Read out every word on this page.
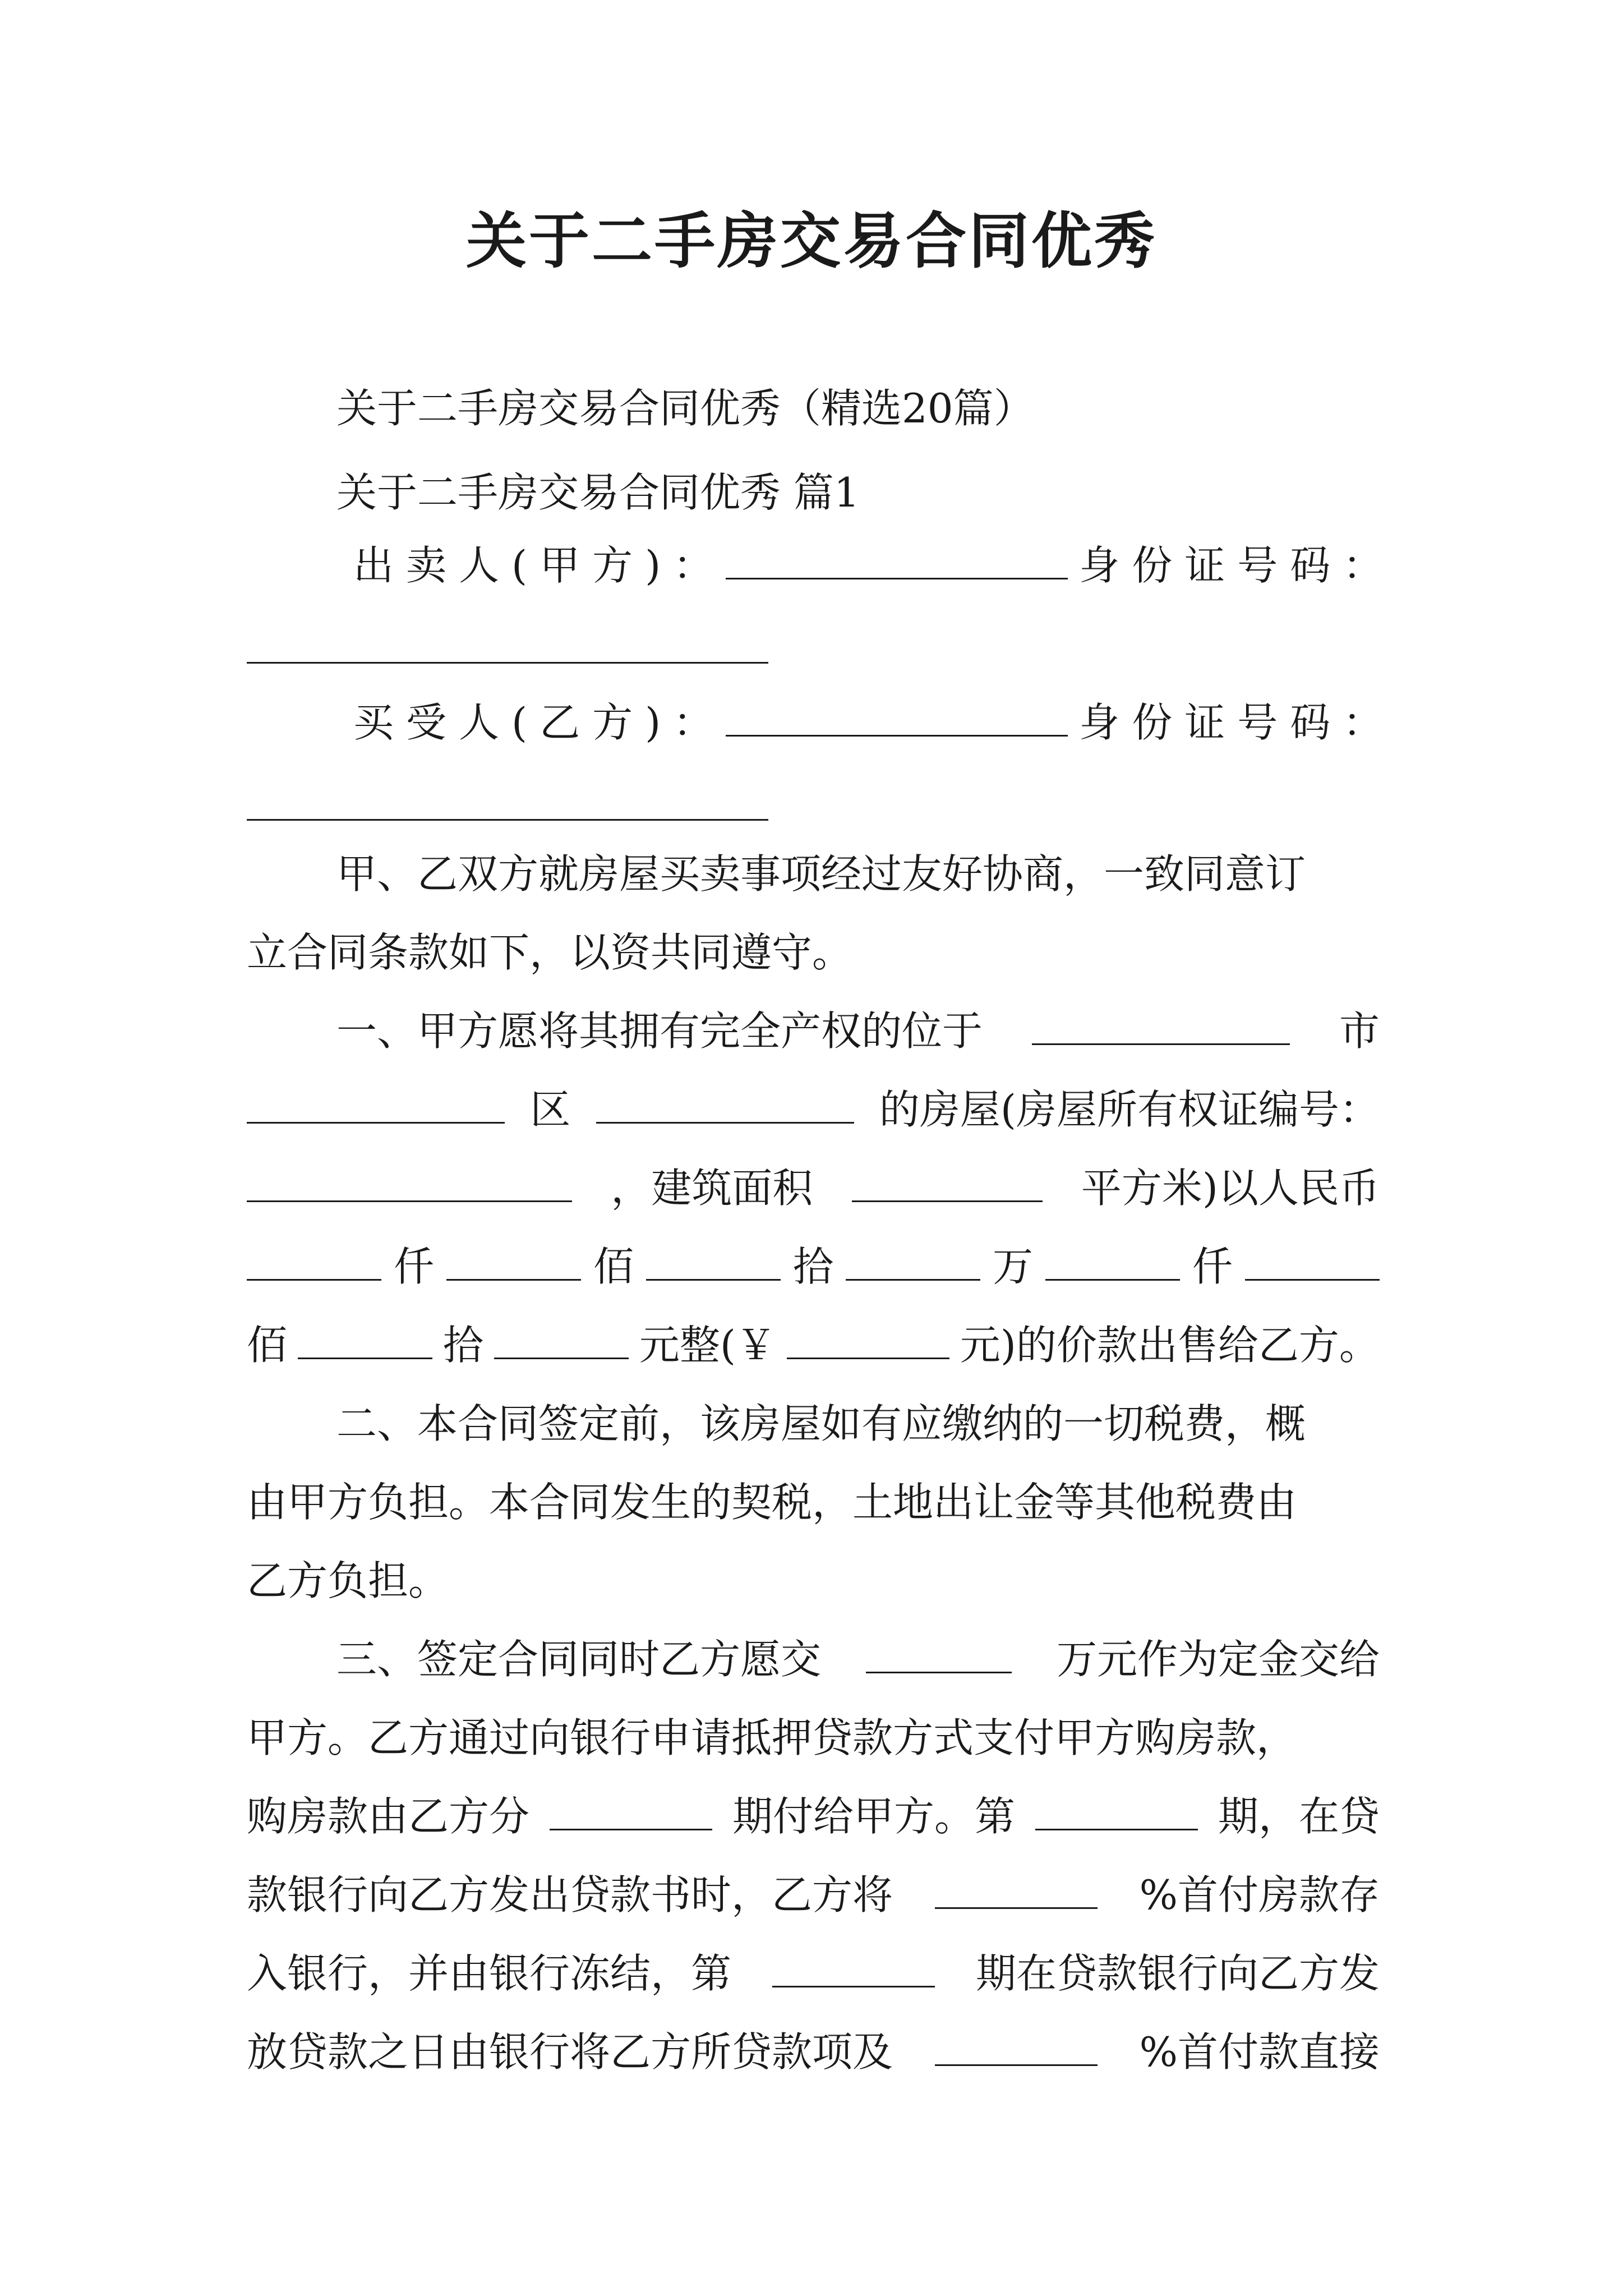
关于二手房交易合同优秀
关于二手房交易合同优秀（精选20篇）
关于二手房交易合同优秀 篇1
出卖人(甲方)：	身份证号码：
买受人(乙方)：	身份证号码：
甲、乙双方就房屋买卖事项经过友好协商，一致同意订
立合同条款如下，以资共同遵守。
一、甲方愿将其拥有完全产权的位于	市
区	的房屋(房屋所有权证编号：
，建筑面积	平方米)以人民币
仟	佰	拾	万	仟
佰	拾	元整(￥	元)的价款出售给乙方。
二、本合同签定前，该房屋如有应缴纳的一切税费，概
由甲方负担。本合同发生的契税，土地出让金等其他税费由
乙方负担。
三、签定合同同时乙方愿交	万元作为定金交给
甲方。乙方通过向银行申请抵押贷款方式支付甲方购房款，
购房款由乙方分	期付给甲方。第	期，在贷
款银行向乙方发出贷款书时，乙方将	%首付房款存
入银行，并由银行冻结，第	期在贷款银行向乙方发
放贷款之日由银行将乙方所贷款项及	%首付款直接
